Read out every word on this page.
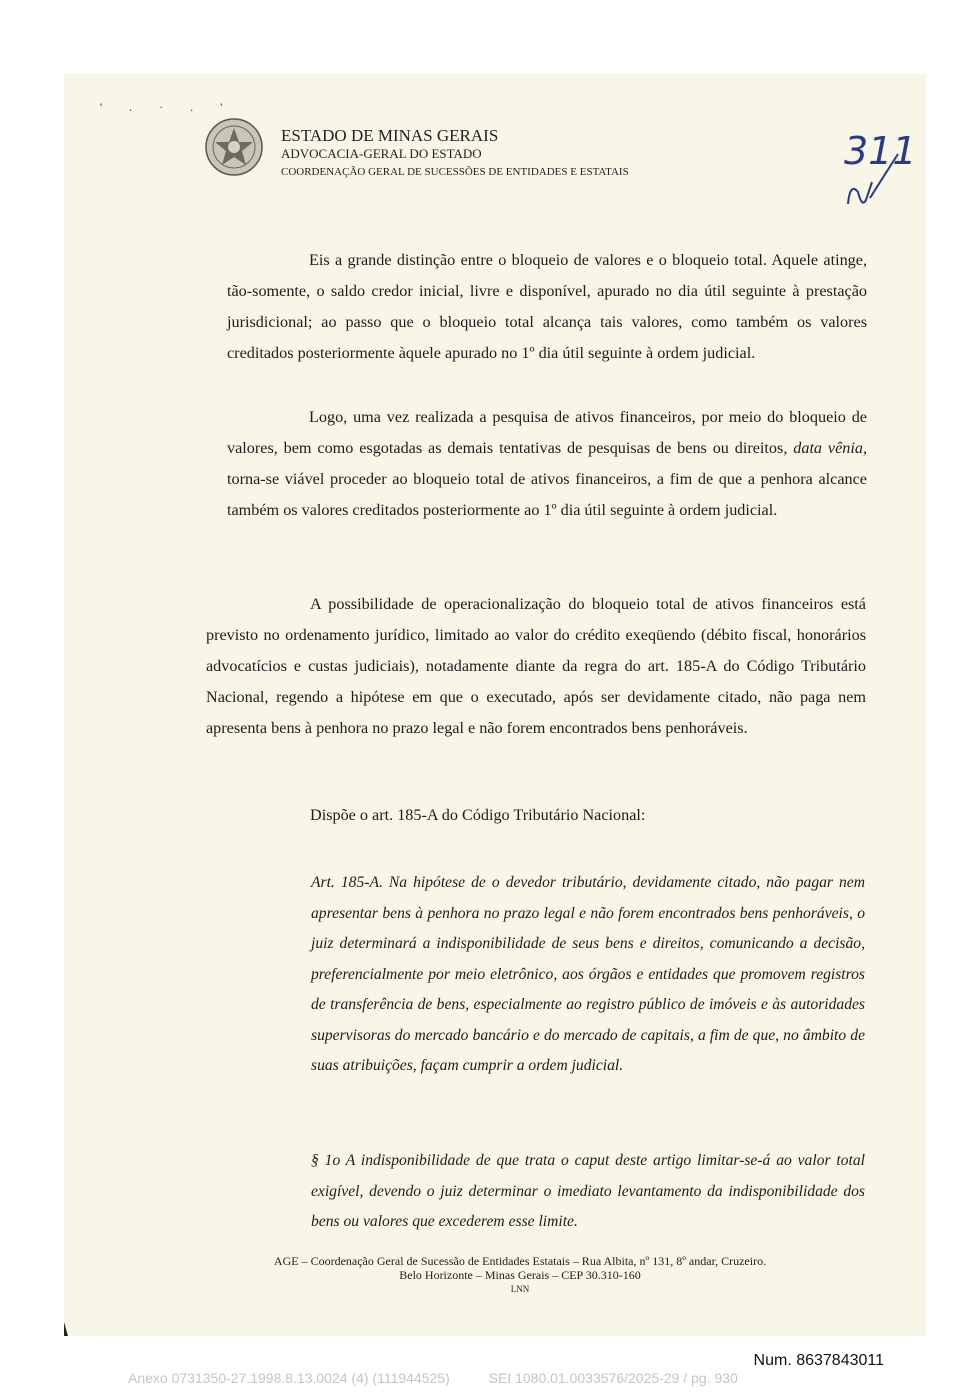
' . · . '
ESTADO DE MINAS GERAIS
ADVOCACIA-GERAL DO ESTADO
COORDENAÇÃO GERAL DE SUCESSÕES DE ENTIDADES E ESTATAIS	311

Eis a grande distinção entre o bloqueio de valores e o bloqueio total. Aquele atinge, tão-somente, o saldo credor inicial, livre e disponível, apurado no dia útil seguinte à prestação jurisdicional; ao passo que o bloqueio total alcança tais valores, como também os valores creditados posteriormente àquele apurado no 1º dia útil seguinte à ordem judicial.

Logo, uma vez realizada a pesquisa de ativos financeiros, por meio do bloqueio de valores, bem como esgotadas as demais tentativas de pesquisas de bens ou direitos, data vênia, torna-se viável proceder ao bloqueio total de ativos financeiros, a fim de que a penhora alcance também os valores creditados posteriormente ao 1º dia útil seguinte à ordem judicial.

A possibilidade de operacionalização do bloqueio total de ativos financeiros está previsto no ordenamento jurídico, limitado ao valor do crédito exeqüendo (débito fiscal, honorários advocatícios e custas judiciais), notadamente diante da regra do art. 185-A do Código Tributário Nacional, regendo a hipótese em que o executado, após ser devidamente citado, não paga nem apresenta bens à penhora no prazo legal e não forem encontrados bens penhoráveis.

Dispõe o art. 185-A do Código Tributário Nacional:

Art. 185-A. Na hipótese de o devedor tributário, devidamente citado, não pagar nem apresentar bens à penhora no prazo legal e não forem encontrados bens penhoráveis, o juiz determinará a indisponibilidade de seus bens e direitos, comunicando a decisão, preferencialmente por meio eletrônico, aos órgãos e entidades que promovem registros de transferência de bens, especialmente ao registro público de imóveis e às autoridades supervisoras do mercado bancário e do mercado de capitais, a fim de que, no âmbito de suas atribuições, façam cumprir a ordem judicial.

§ 1o A indisponibilidade de que trata o caput deste artigo limitar-se-á ao valor total exigível, devendo o juiz determinar o imediato levantamento da indisponibilidade dos bens ou valores que excederem esse limite.

AGE – Coordenação Geral de Sucessão de Entidades Estatais – Rua Albita, nº 131, 8º andar, Cruzeiro.
Belo Horizonte – Minas Gerais – CEP 30.310-160
LNN
Num. 8637843011
Anexo 0731350-27.1998.8.13.0024 (4) (111944525)	SEI 1080.01.0033576/2025-29 / pg. 930
